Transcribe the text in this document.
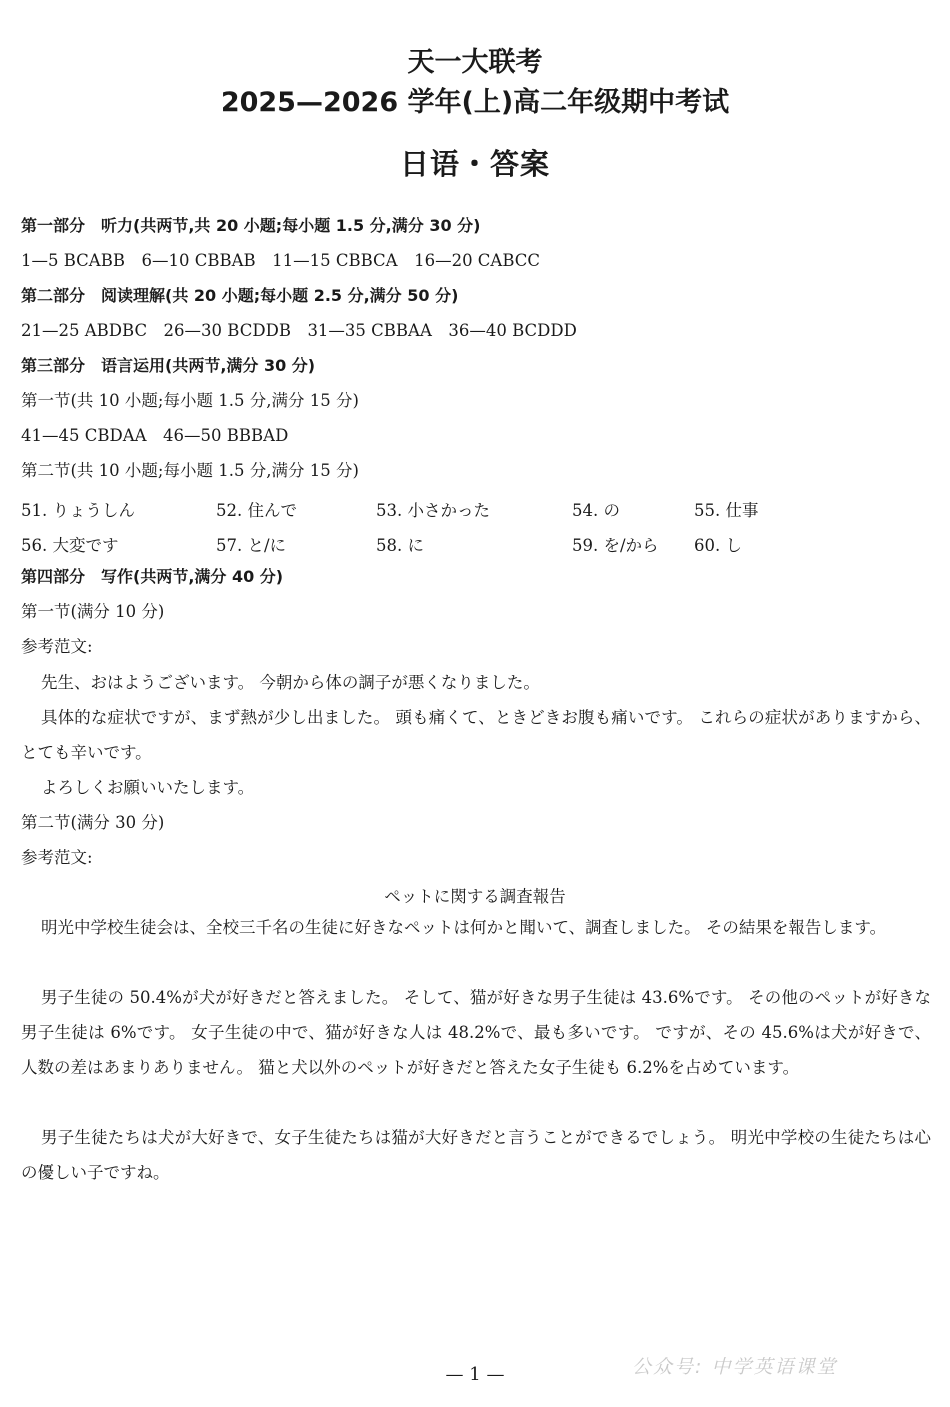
天一大联考
2025—2026 学年(上)高二年级期中考试
日语・答案
第一部分　听力(共两节,共 20 小题;每小题 1.5 分,满分 30 分)
1—5 BCABB　6—10 CBBAB　11—15 CBBCA　16—20 CABCC
第二部分　阅读理解(共 20 小题;每小题 2.5 分,满分 50 分)
21—25 ABDBC　26—30 BCDDB　31—35 CBBAA　36—40 BCDDD
第三部分　语言运用(共两节,满分 30 分)
第一节(共 10 小题;每小题 1.5 分,满分 15 分)
41—45 CBDAA　46—50 BBBAD
第二节(共 10 小题;每小题 1.5 分,满分 15 分)
51. りょうしん	52. 住んで	53. 小さかった	54. の	55. 仕事
56. 大変です	57. と/に	58. に	59. を/から 60. し
第四部分　写作(共两节,满分 40 分)
第一节(满分 10 分)
参考范文:

先生、おはようございます。 今朝から体の調子が悪くなりました。

具体的な症状ですが、まず熱が少し出ました。 頭も痛くて、ときどきお腹も痛いです。 これらの症状がありますから、とても辛いです。

よろしくお願いいたします。

第二节(满分 30 分)
参考范文:
ペットに関する調査報告

明光中学校生徒会は、全校三千名の生徒に好きなペットは何かと聞いて、調査しました。 その結果を報告します。

男子生徒の 50.4%が犬が好きだと答えました。 そして、猫が好きな男子生徒は 43.6%です。 その他のペットが好きな男子生徒は 6%です。 女子生徒の中で、猫が好きな人は 48.2%で、最も多いです。 ですが、その 45.6%は犬が好きで、人数の差はあまりありません。 猫と犬以外のペットが好きだと答えた女子生徒も 6.2%を占めています。

男子生徒たちは犬が大好きで、女子生徒たちは猫が大好きだと言うことができるでしょう。 明光中学校の生徒たちは心の優しい子ですね。

公众号: 中学英语课堂
— 1 —
